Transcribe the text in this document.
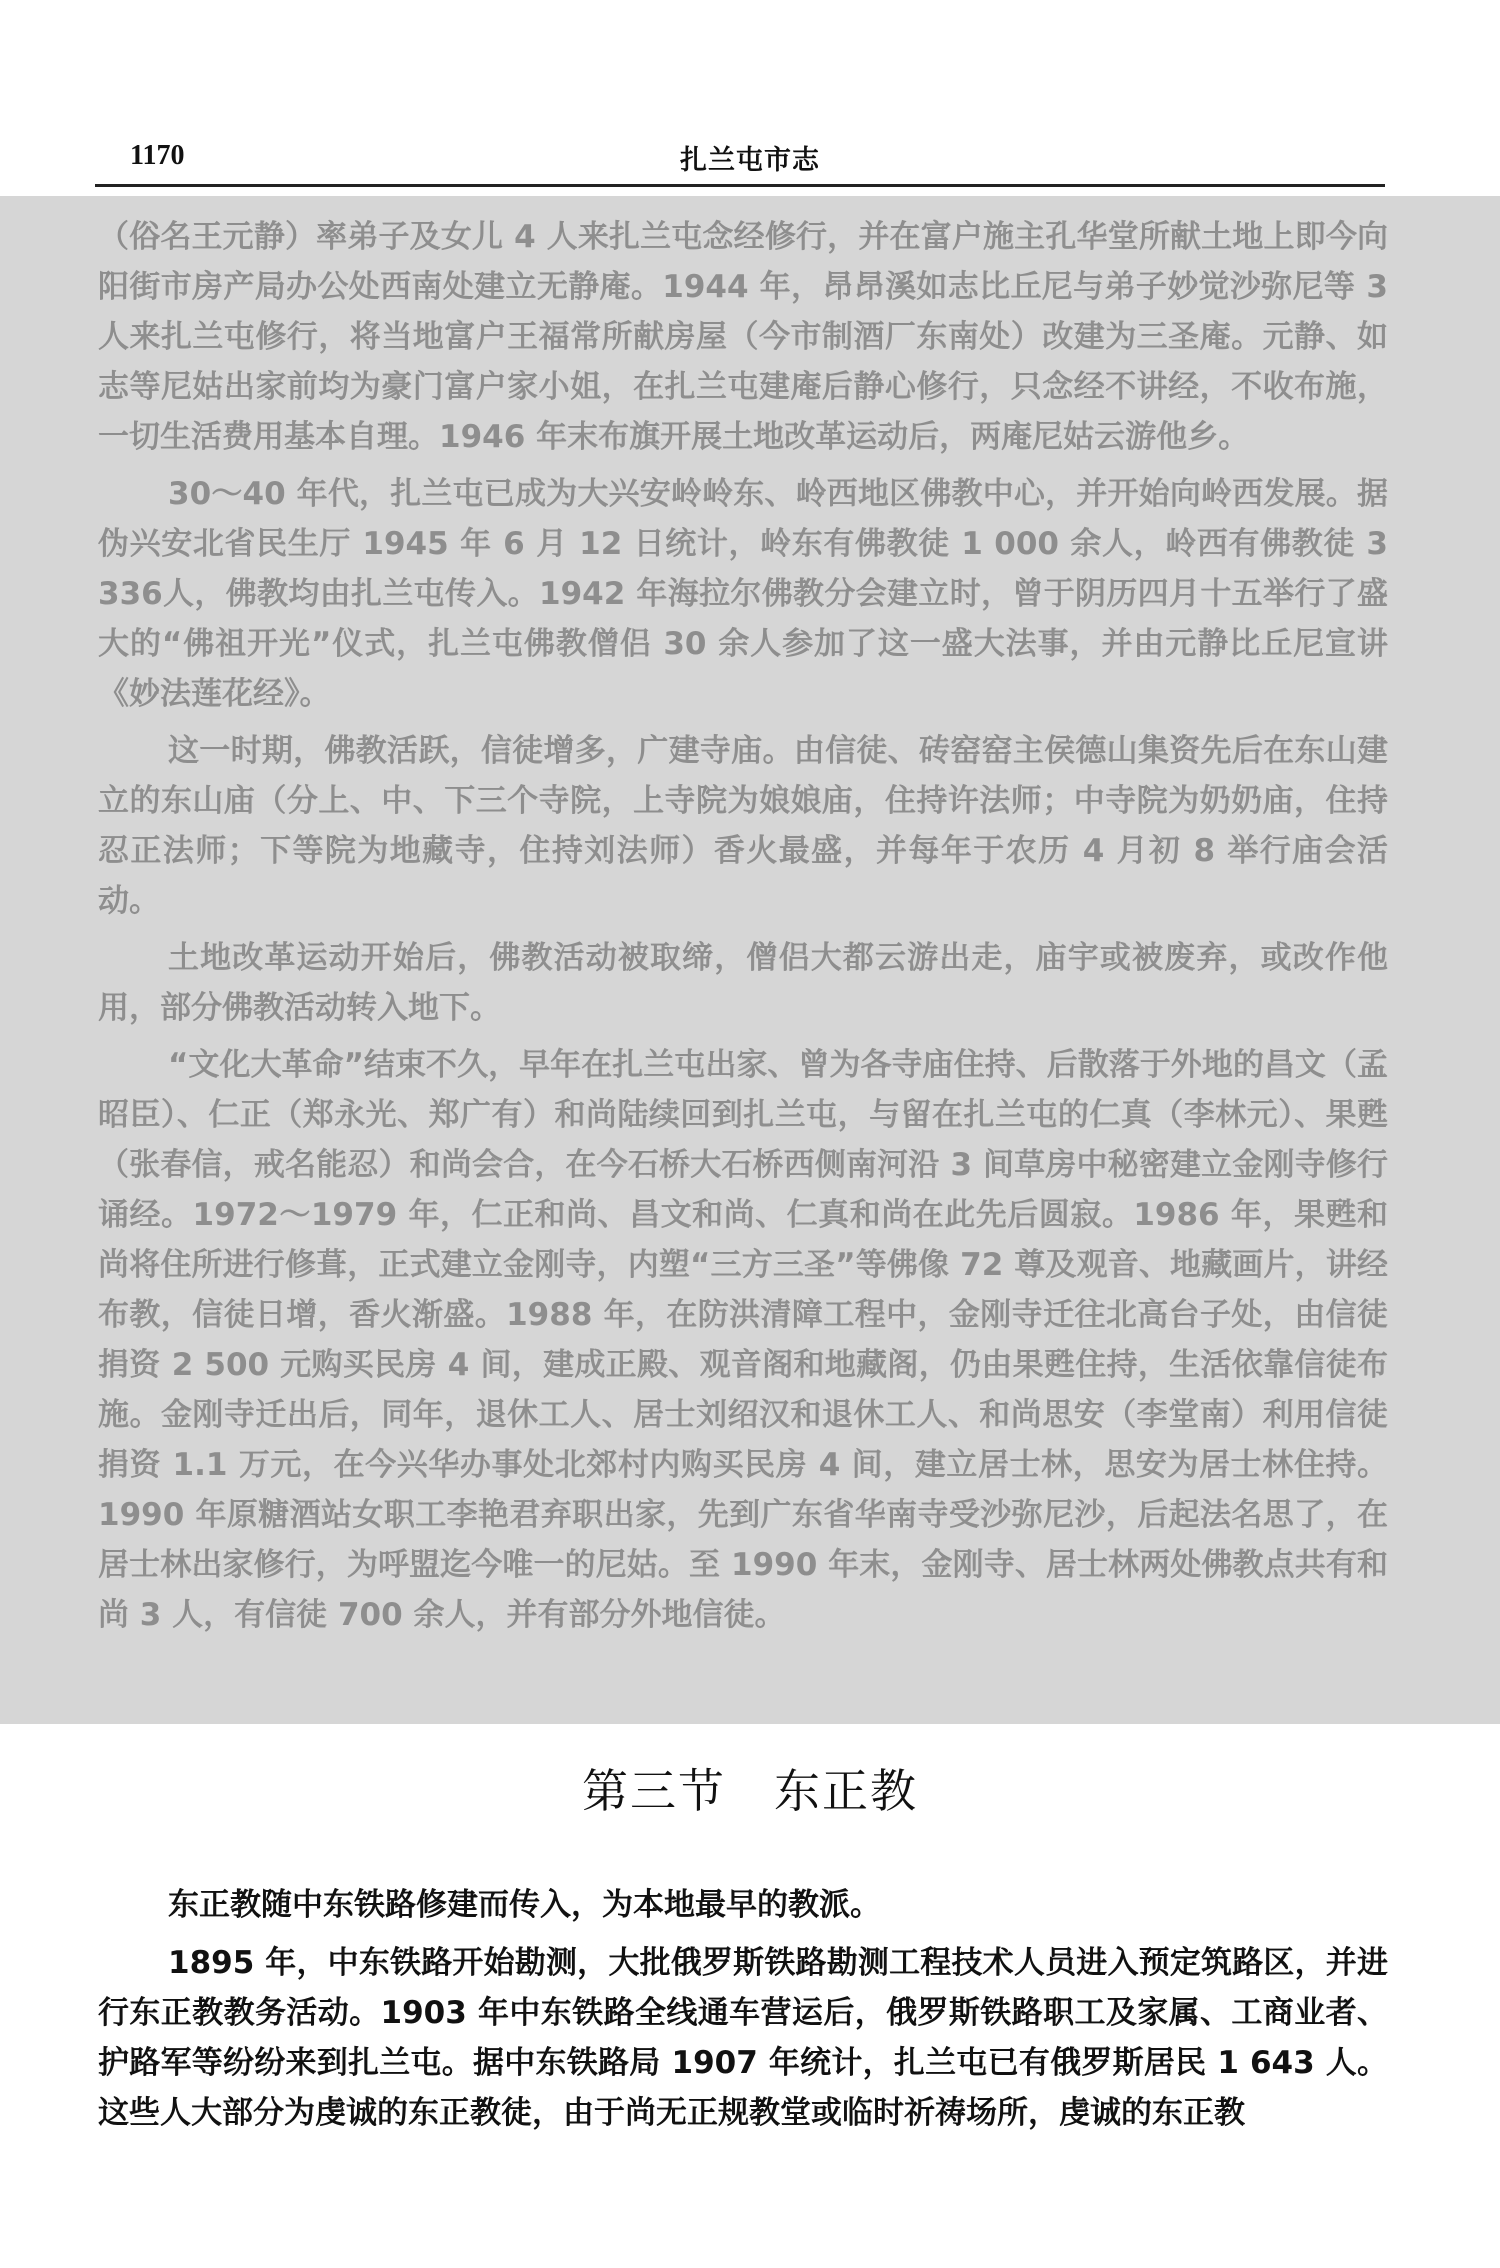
1170	扎兰屯市志

（俗名王元静）率弟子及女儿 4 人来扎兰屯念经修行，并在富户施主孔华堂所献土地上即今向阳街市房产局办公处西南处建立无静庵。1944 年，昂昂溪如志比丘尼与弟子妙觉沙弥尼等 3 人来扎兰屯修行，将当地富户王福常所献房屋（今市制酒厂东南处）改建为三圣庵。元静、如志等尼姑出家前均为豪门富户家小姐，在扎兰屯建庵后静心修行，只念经不讲经，不收布施，一切生活费用基本自理。1946 年末布旗开展土地改革运动后，两庵尼姑云游他乡。

30～40 年代，扎兰屯已成为大兴安岭岭东、岭西地区佛教中心，并开始向岭西发展。据伪兴安北省民生厅 1945 年 6 月 12 日统计，岭东有佛教徒 1 000 余人，岭西有佛教徒 3 336人，佛教均由扎兰屯传入。1942 年海拉尔佛教分会建立时，曾于阴历四月十五举行了盛大的“佛祖开光”仪式，扎兰屯佛教僧侣 30 余人参加了这一盛大法事，并由元静比丘尼宣讲《妙法莲花经》。

这一时期，佛教活跃，信徒增多，广建寺庙。由信徒、砖窑窑主侯德山集资先后在东山建立的东山庙（分上、中、下三个寺院，上寺院为娘娘庙，住持许法师；中寺院为奶奶庙，住持忍正法师；下等院为地藏寺，住持刘法师）香火最盛，并每年于农历 4 月初 8 举行庙会活动。

土地改革运动开始后，佛教活动被取缔，僧侣大都云游出走，庙宇或被废弃，或改作他用，部分佛教活动转入地下。

“文化大革命”结束不久，早年在扎兰屯出家、曾为各寺庙住持、后散落于外地的昌文（孟昭臣）、仁正（郑永光、郑广有）和尚陆续回到扎兰屯，与留在扎兰屯的仁真（李林元）、果甦（张春信，戒名能忍）和尚会合，在今石桥大石桥西侧南河沿 3 间草房中秘密建立金刚寺修行诵经。1972～1979 年，仁正和尚、昌文和尚、仁真和尚在此先后圆寂。1986 年，果甦和尚将住所进行修葺，正式建立金刚寺，内塑“三方三圣”等佛像 72 尊及观音、地藏画片，讲经布教，信徒日增，香火渐盛。1988 年，在防洪清障工程中，金刚寺迁往北高台子处，由信徒捐资 2 500 元购买民房 4 间，建成正殿、观音阁和地藏阁，仍由果甦住持，生活依靠信徒布施。金刚寺迁出后，同年，退休工人、居士刘绍汉和退休工人、和尚思安（李堂南）利用信徒捐资 1.1 万元，在今兴华办事处北郊村内购买民房 4 间，建立居士林，思安为居士林住持。1990 年原糖酒站女职工李艳君弃职出家，先到广东省华南寺受沙弥尼沙，后起法名思了，在居士林出家修行，为呼盟迄今唯一的尼姑。至 1990 年末，金刚寺、居士林两处佛教点共有和尚 3 人，有信徒 700 余人，并有部分外地信徒。

第三节　东正教

东正教随中东铁路修建而传入，为本地最早的教派。

1895 年，中东铁路开始勘测，大批俄罗斯铁路勘测工程技术人员进入预定筑路区，并进行东正教教务活动。1903 年中东铁路全线通车营运后，俄罗斯铁路职工及家属、工商业者、护路军等纷纷来到扎兰屯。据中东铁路局 1907 年统计，扎兰屯已有俄罗斯居民 1 643 人。这些人大部分为虔诚的东正教徒，由于尚无正规教堂或临时祈祷场所，虔诚的东正教
